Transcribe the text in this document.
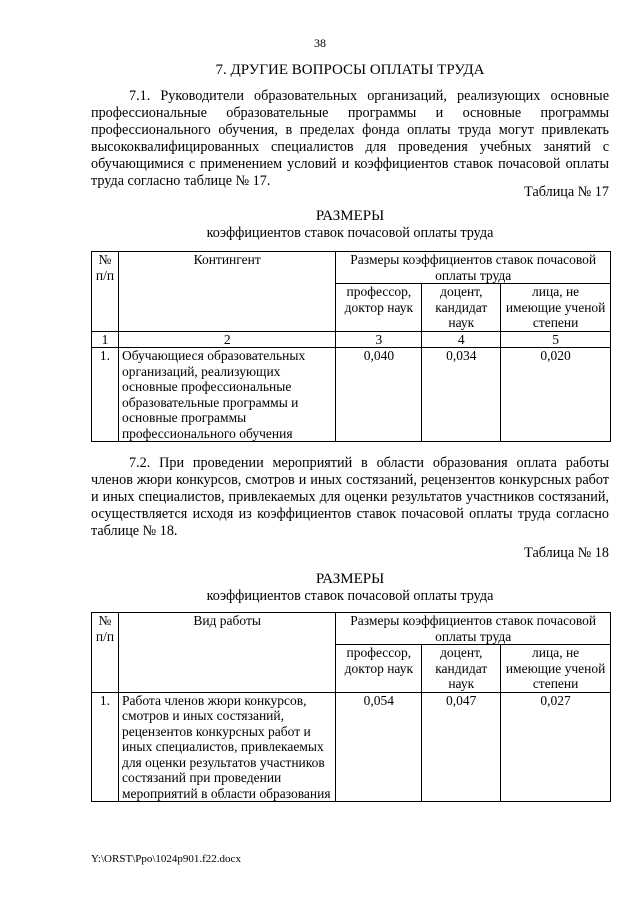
38
7. ДРУГИЕ ВОПРОСЫ ОПЛАТЫ ТРУДА
7.1. Руководители образовательных организаций, реализующих основные профессиональные образовательные программы и основные программы профессионального обучения, в пределах фонда оплаты труда могут привлекать высококвалифицированных специалистов для проведения учебных занятий с обучающимися с применением условий и коэффициентов ставок почасовой оплаты труда согласно таблице № 17.
Таблица № 17
РАЗМЕРЫ
коэффициентов ставок почасовой оплаты труда
№ п/п	Контингент	Размеры коэффициентов ставок почасовой оплаты труда		
		профессор, доктор наук	доцент, кандидат наук	лица, не имеющие ученой степени
1	2	3	4	5
1.	Обучающиеся образовательных организаций, реализующих основные профессиональные образовательные программы и основные программы профессионального обучения	0,040	0,034	0,020
7.2. При проведении мероприятий в области образования оплата работы членов жюри конкурсов, смотров и иных состязаний, рецензентов конкурсных работ и иных специалистов, привлекаемых для оценки результатов участников состязаний, осуществляется исходя из коэффициентов ставок почасовой оплаты труда согласно таблице № 18.
Таблица № 18
РАЗМЕРЫ
коэффициентов ставок почасовой оплаты труда
№ п/п	Вид работы	Размеры коэффициентов ставок почасовой оплаты труда		
		профессор, доктор наук	доцент, кандидат наук	лица, не имеющие ученой степени
1.	Работа членов жюри конкурсов, смотров и иных состязаний, рецензентов конкурсных работ и иных специалистов, привлекаемых для оценки результатов участников состязаний при проведении мероприятий в области образования	0,054	0,047	0,027
Y:\ORST\Ppo\1024p901.f22.docx
